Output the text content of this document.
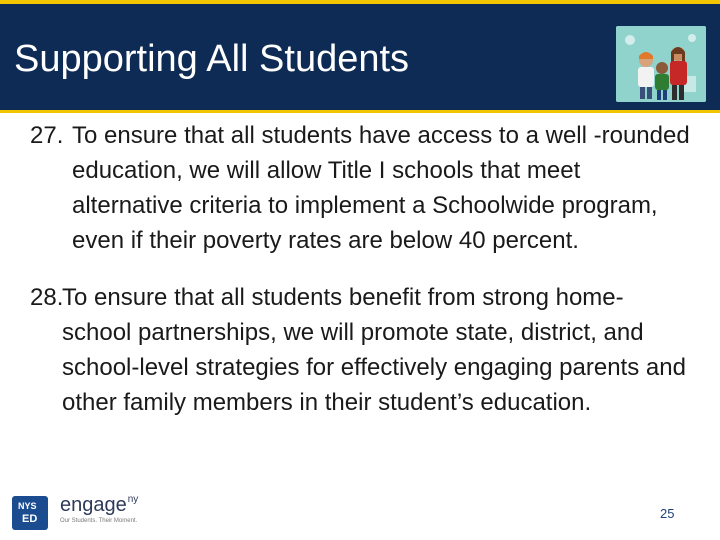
Supporting All Students

27. To ensure that all students have access to a well -rounded education, we will allow Title I schools that meet alternative criteria to implement a Schoolwide program, even if their poverty rates are below 40 percent.

28.
To ensure that all students benefit from strong home-school partnerships, we will promote state, district, and school-level strategies for effectively engaging parents and other family members in their student’s education.

NYS
ED
engage$^{ny}$
Our Students. Their Moment.	25
